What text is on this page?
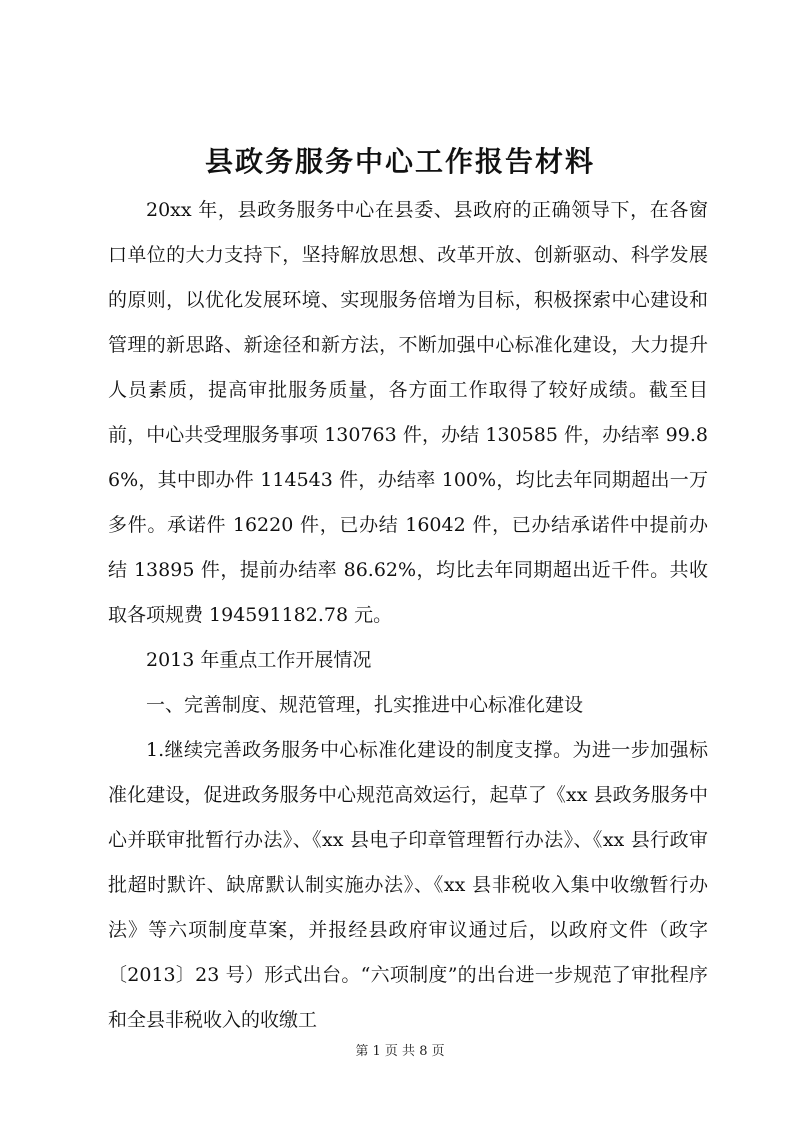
县政务服务中心工作报告材料

20xx 年，县政务服务中心在县委、县政府的正确领导下，在各窗口单位的大力支持下，坚持解放思想、改革开放、创新驱动、科学发展的原则，以优化发展环境、实现服务倍增为目标，积极探索中心建设和管理的新思路、新途径和新方法，不断加强中心标准化建设，大力提升人员素质，提高审批服务质量，各方面工作取得了较好成绩。截至目前，中心共受理服务事项 130763 件，办结 130585 件，办结率 99.86%，其中即办件 114543 件，办结率 100%，均比去年同期超出一万多件。承诺件 16220 件，已办结 16042 件，已办结承诺件中提前办结 13895 件，提前办结率 86.62%，均比去年同期超出近千件。共收取各项规费 194591182.78 元。

2013 年重点工作开展情况

一、完善制度、规范管理，扎实推进中心标准化建设

1.继续完善政务服务中心标准化建设的制度支撑。为进一步加强标准化建设，促进政务服务中心规范高效运行，起草了《xx 县政务服务中心并联审批暂行办法》、《xx 县电子印章管理暂行办法》、《xx 县行政审批超时默许、缺席默认制实施办法》、《xx 县非税收入集中收缴暂行办法》等六项制度草案，并报经县政府审议通过后，以政府文件（政字〔2013〕23 号）形式出台。“六项制度”的出台进一步规范了审批程序和全县非税收入的收缴工

第 1 页 共 8 页
